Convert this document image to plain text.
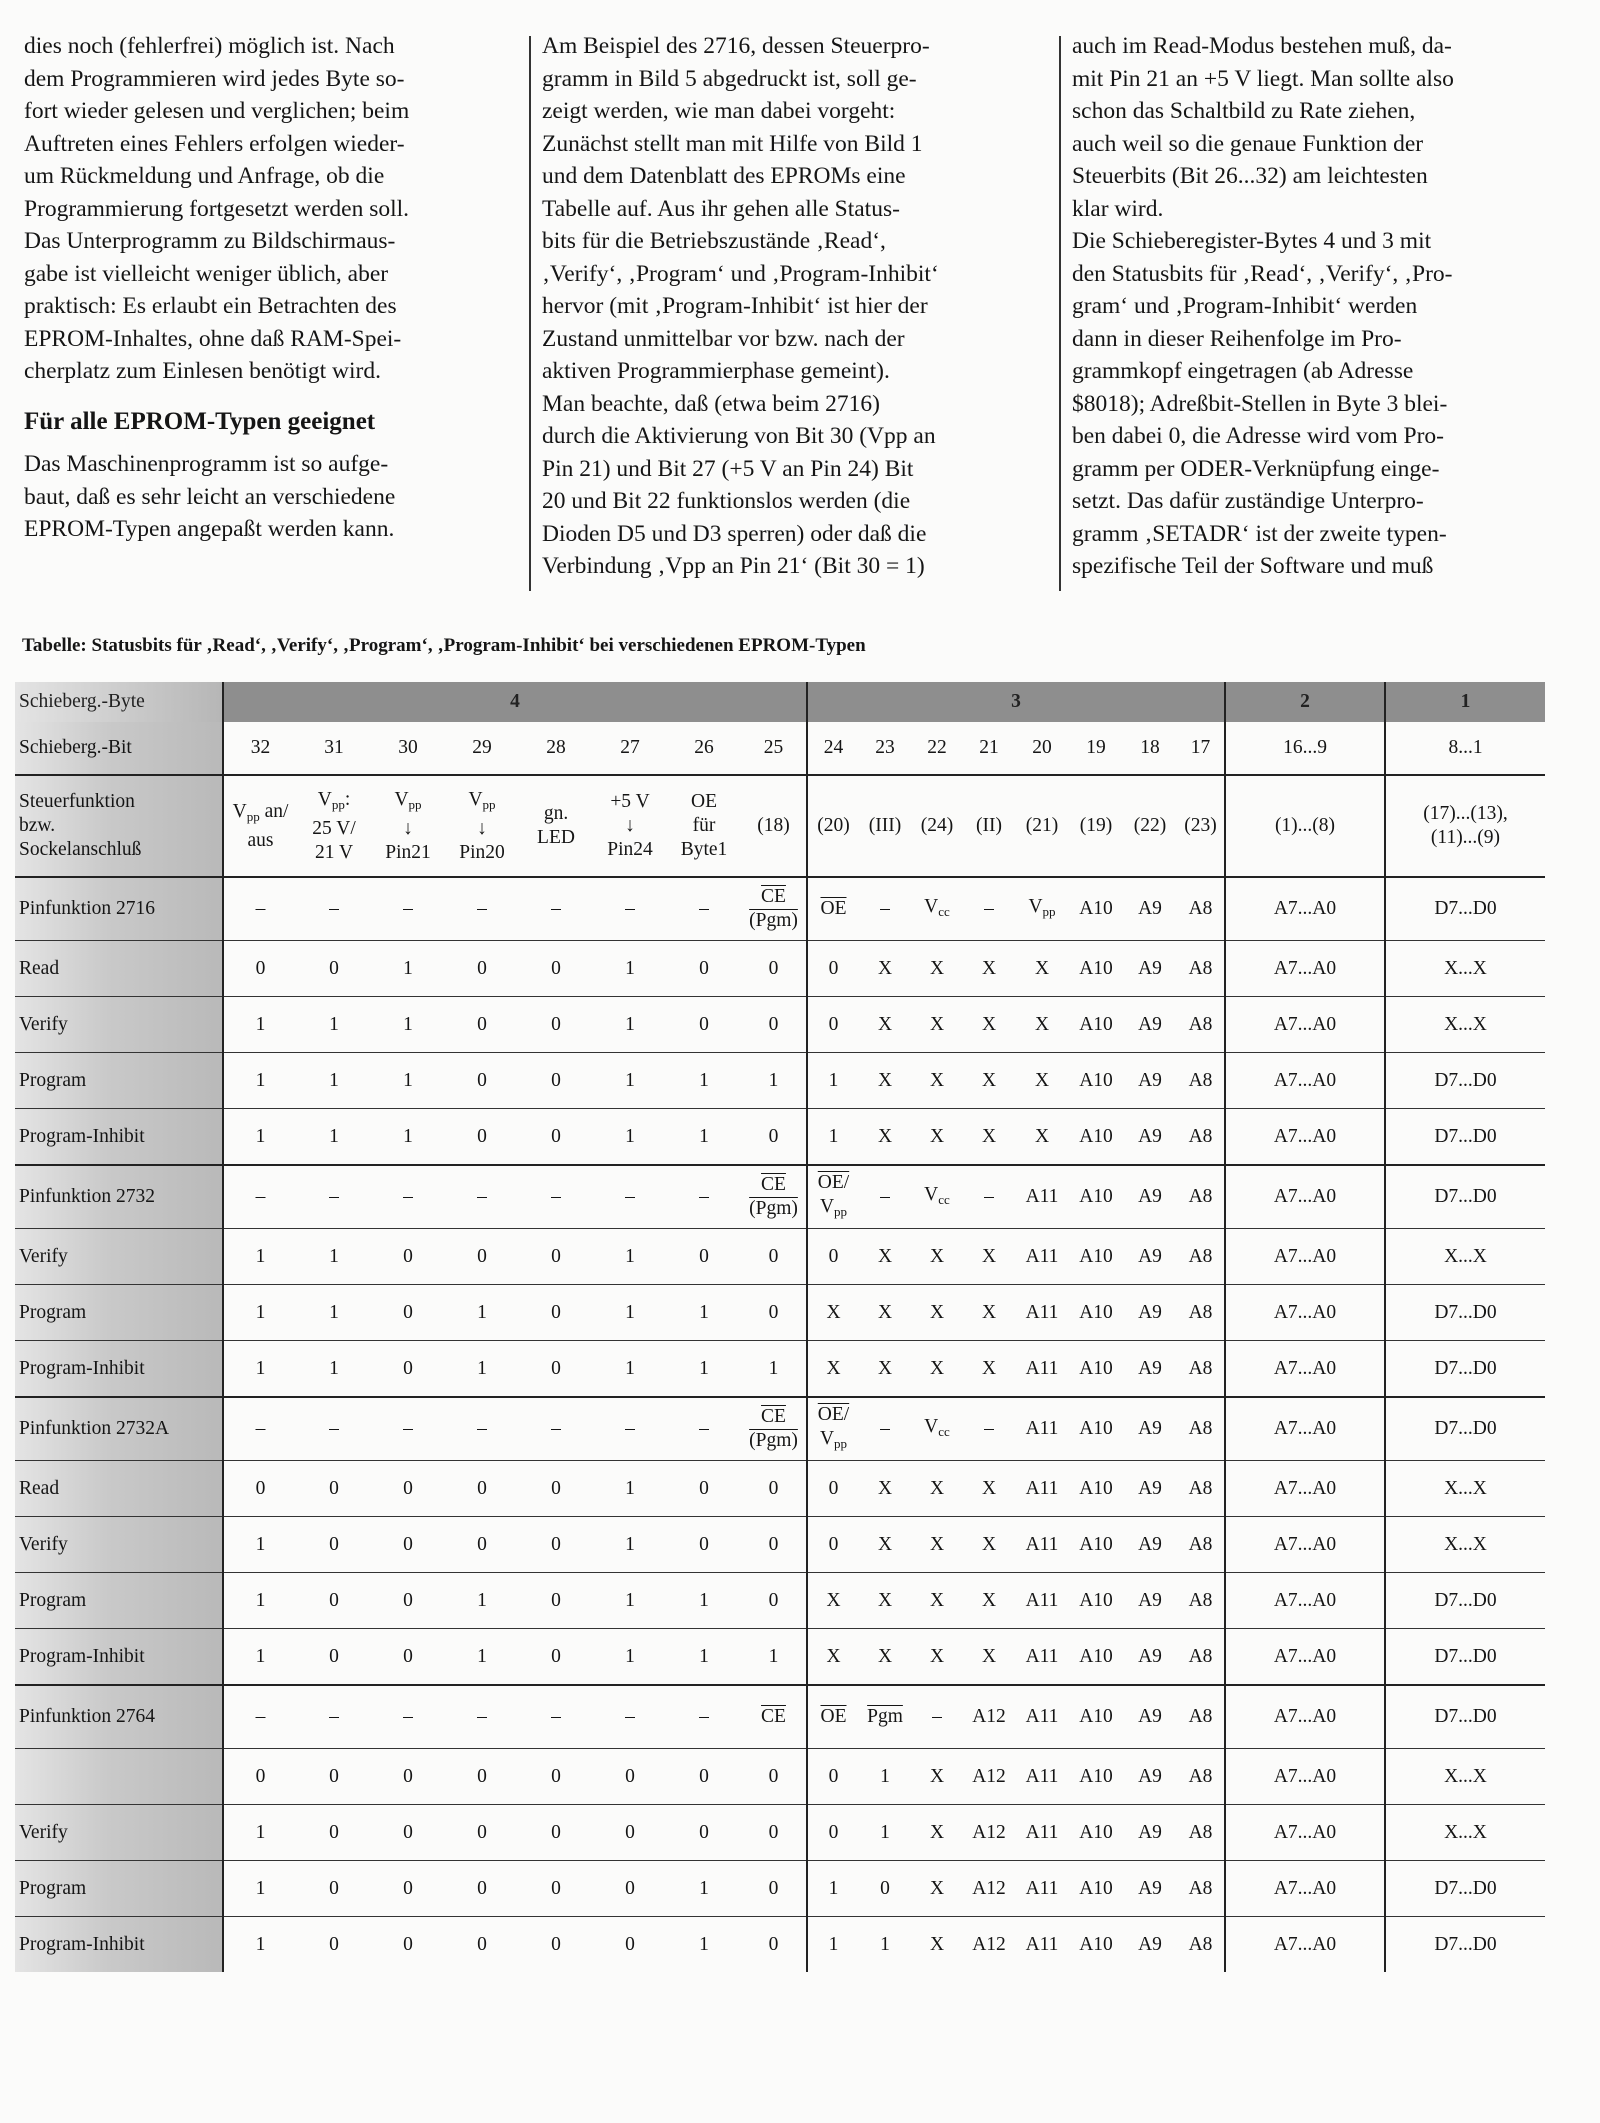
dies noch (fehlerfrei) möglich ist. Nach

dem Programmieren wird jedes Byte so-

fort wieder gelesen und verglichen; beim

Auftreten eines Fehlers erfolgen wieder-

um Rückmeldung und Anfrage, ob die

Programmierung fortgesetzt werden soll.

Das Unterprogramm zu Bildschirmaus-

gabe ist vielleicht weniger üblich, aber

praktisch: Es erlaubt ein Betrachten des

EPROM-Inhaltes, ohne daß RAM-Spei-

cherplatz zum Einlesen benötigt wird.

Für alle EPROM-Typen geeignet

Das Maschinenprogramm ist so aufge-

baut, daß es sehr leicht an verschiedene

EPROM-Typen angepaßt werden kann.

Am Beispiel des 2716, dessen Steuerpro-

gramm in Bild 5 abgedruckt ist, soll ge-

zeigt werden, wie man dabei vorgeht:

Zunächst stellt man mit Hilfe von Bild 1

und dem Datenblatt des EPROMs eine

Tabelle auf. Aus ihr gehen alle Status-

bits für die Betriebszustände ‚Read‘,

‚Verify‘, ‚Program‘ und ‚Program-Inhibit‘

hervor (mit ‚Program-Inhibit‘ ist hier der

Zustand unmittelbar vor bzw. nach der

aktiven Programmierphase gemeint).

Man beachte, daß (etwa beim 2716)

durch die Aktivierung von Bit 30 (Vpp an

Pin 21) und Bit 27 (+5 V an Pin 24) Bit

20 und Bit 22 funktionslos werden (die

Dioden D5 und D3 sperren) oder daß die

Verbindung ‚Vpp an Pin 21‘ (Bit 30 = 1)

auch im Read-Modus bestehen muß, da-

mit Pin 21 an +5 V liegt. Man sollte also

schon das Schaltbild zu Rate ziehen,

auch weil so die genaue Funktion der

Steuerbits (Bit 26...32) am leichtesten

klar wird.

Die Schieberegister-Bytes 4 und 3 mit

den Statusbits für ‚Read‘, ‚Verify‘, ‚Pro-

gram‘ und ‚Program-Inhibit‘ werden

dann in dieser Reihenfolge im Pro-

grammkopf eingetragen (ab Adresse

$8018); Adreßbit-Stellen in Byte 3 blei-

ben dabei 0, die Adresse wird vom Pro-

gramm per ODER-Verknüpfung einge-

setzt. Das dafür zuständige Unterpro-

gramm ‚SETADR‘ ist der zweite typen-

spezifische Teil der Software und muß

Tabelle: Statusbits für ‚Read‘, ‚Verify‘, ‚Program‘, ‚Program-Inhibit‘ bei verschiedenen EPROM-Typen
Schieberg.-Byte	4								3								2	1
Schieberg.-Bit	32	31	30	29	28	27	26	25	24	23	22	21	20	19	18	17	16...9	8...1
Steuerfunktion
bzw.
Sockelanschluß	$V_{pp}$ an/
aus	$V_{pp}$:
25 V/
21 V	$V_{pp}$
↓
Pin21	$V_{pp}$
↓
Pin20	gn.
LED	+5 V
↓
Pin24	OE
für
Byte1	(18)	(20)	(III)	(24)	(II)	(21)	(19)	(22)	(23)	(1)...(8)	(17)...(13),
(11)...(9)
Pinfunktion 2716	–	–	–	–	–	–	–	$\overline{CE}$
(Pgm)	$\overline{OE}$	–	$V_{cc}$	–	$V_{pp}$	A10	A9	A8	A7...A0	D7...D0
Read	0	0	1	0	0	1	0	0	0	X	X	X	X	A10	A9	A8	A7...A0	X...X
Verify	1	1	1	0	0	1	0	0	0	X	X	X	X	A10	A9	A8	A7...A0	X...X
Program	1	1	1	0	0	1	1	1	1	X	X	X	X	A10	A9	A8	A7...A0	D7...D0
Program-Inhibit	1	1	1	0	0	1	1	0	1	X	X	X	X	A10	A9	A8	A7...A0	D7...D0
Pinfunktion 2732	–	–	–	–	–	–	–	$\overline{CE}$
(Pgm)	OE/
$V_{pp}$	–	$V_{cc}$	–	A11	A10	A9	A8	A7...A0	D7...D0
Verify	1	1	0	0	0	1	0	0	0	X	X	X	A11	A10	A9	A8	A7...A0	X...X
Program	1	1	0	1	0	1	1	0	X	X	X	X	A11	A10	A9	A8	A7...A0	D7...D0
Program-Inhibit	1	1	0	1	0	1	1	1	X	X	X	X	A11	A10	A9	A8	A7...A0	D7...D0
Pinfunktion 2732A	–	–	–	–	–	–	–	$\overline{CE}$
(Pgm)	OE/
$V_{pp}$	–	$V_{cc}$	–	A11	A10	A9	A8	A7...A0	D7...D0
Read	0	0	0	0	0	1	0	0	0	X	X	X	A11	A10	A9	A8	A7...A0	X...X
Verify	1	0	0	0	0	1	0	0	0	X	X	X	A11	A10	A9	A8	A7...A0	X...X
Program	1	0	0	1	0	1	1	0	X	X	X	X	A11	A10	A9	A8	A7...A0	D7...D0
Program-Inhibit	1	0	0	1	0	1	1	1	X	X	X	X	A11	A10	A9	A8	A7...A0	D7...D0
Pinfunktion 2764	–	–	–	–	–	–	–	$\overline{CE}$	$\overline{OE}$	$\overline{Pgm}$	–	A12	A11	A10	A9	A8	A7...A0	D7...D0
	0	0	0	0	0	0	0	0	0	1	X	A12	A11	A10	A9	A8	A7...A0	X...X
Verify	1	0	0	0	0	0	0	0	0	1	X	A12	A11	A10	A9	A8	A7...A0	X...X
Program	1	0	0	0	0	0	1	0	1	0	X	A12	A11	A10	A9	A8	A7...A0	D7...D0
Program-Inhibit	1	0	0	0	0	0	1	0	1	1	X	A12	A11	A10	A9	A8	A7...A0	D7...D0
